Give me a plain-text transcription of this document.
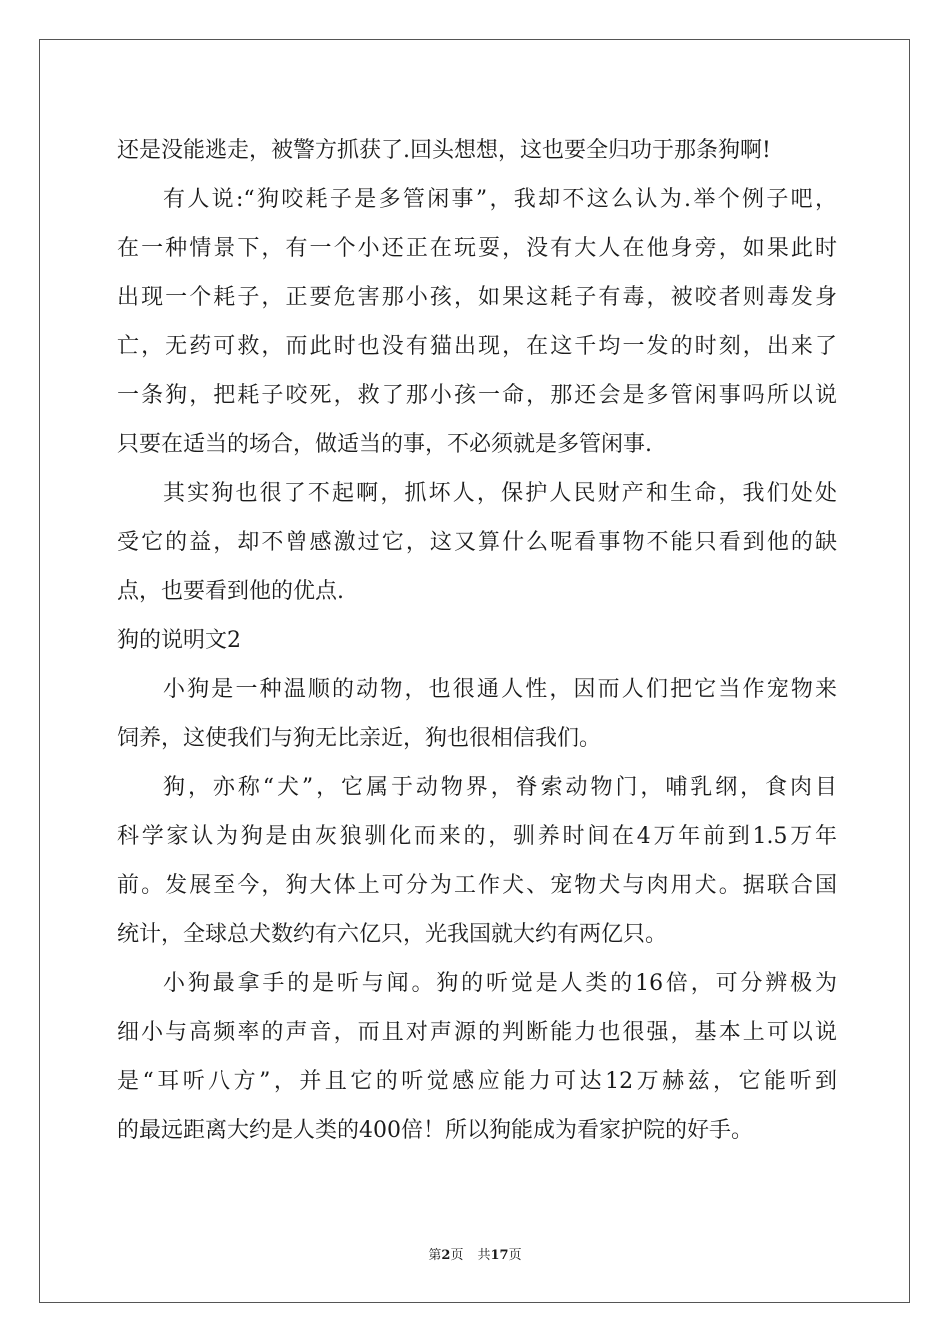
还是没能逃走，被警方抓获了.回头想想，这也要全归功于那条狗啊!
有人说:“狗咬耗子是多管闲事”，我却不这么认为.举个例子吧，
在一种情景下，有一个小还正在玩耍，没有大人在他身旁，如果此时
出现一个耗子，正要危害那小孩，如果这耗子有毒，被咬者则毒发身
亡，无药可救，而此时也没有猫出现，在这千均一发的时刻，出来了
一条狗，把耗子咬死，救了那小孩一命，那还会是多管闲事吗所以说
只要在适当的场合，做适当的事，不必须就是多管闲事.
其实狗也很了不起啊，抓坏人，保护人民财产和生命，我们处处
受它的益，却不曾感激过它，这又算什么呢看事物不能只看到他的缺
点，也要看到他的优点.
狗的说明文2
小狗是一种温顺的动物，也很通人性，因而人们把它当作宠物来
饲养，这使我们与狗无比亲近，狗也很相信我们。
狗，亦称“犬”，它属于动物界，脊索动物门，哺乳纲，食肉目
科学家认为狗是由灰狼驯化而来的，驯养时间在4万年前到1.5万年
前。发展至今，狗大体上可分为工作犬、宠物犬与肉用犬。据联合国
统计，全球总犬数约有六亿只，光我国就大约有两亿只。
小狗最拿手的是听与闻。狗的听觉是人类的16倍，可分辨极为
细小与高频率的声音，而且对声源的判断能力也很强，基本上可以说
是“耳听八方”，并且它的听觉感应能力可达12万赫兹，它能听到
的最远距离大约是人类的400倍！所以狗能成为看家护院的好手。
第2页 共17页
